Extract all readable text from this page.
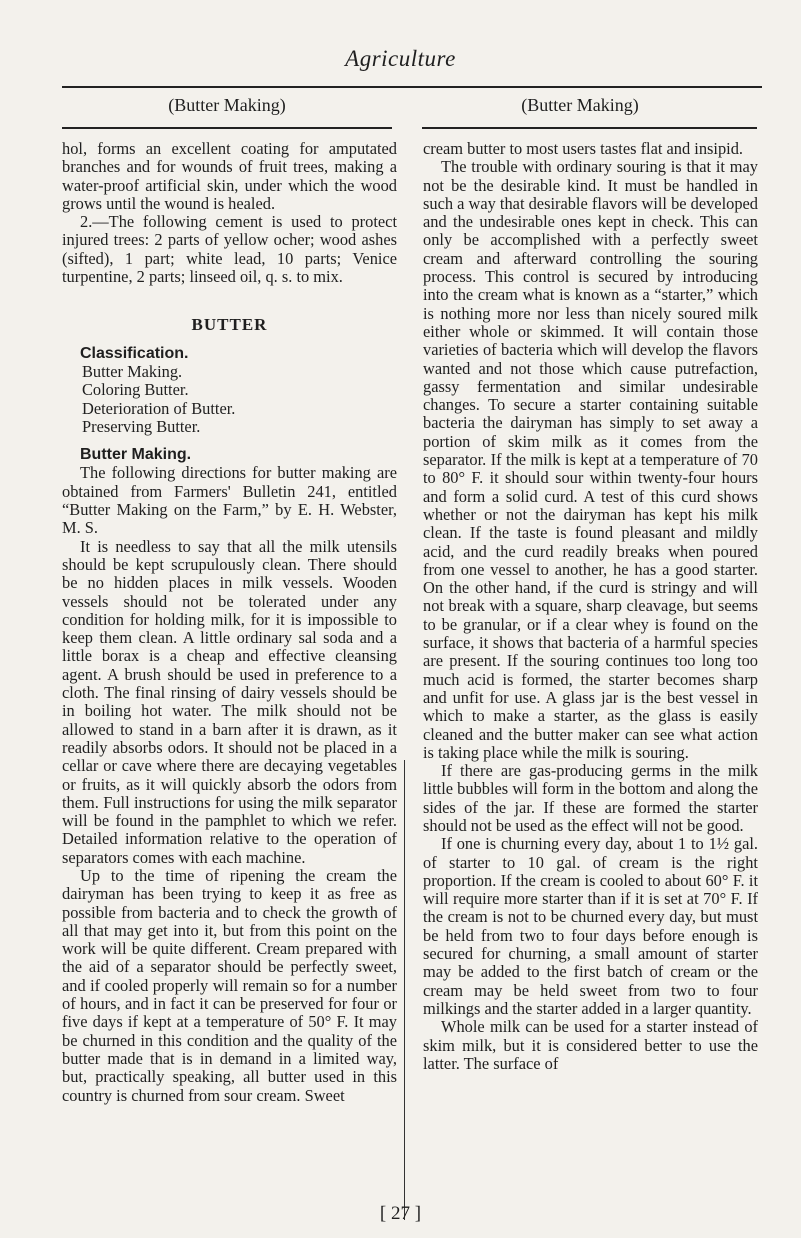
Agriculture
(Butter Making)	(Butter Making)

hol, forms an excellent coating for amputated branches and for wounds of fruit trees, making a water-proof artificial skin, under which the wood grows until the wound is healed.

2.—The following cement is used to protect injured trees: 2 parts of yellow ocher; wood ashes (sifted), 1 part; white lead, 10 parts; Venice turpentine, 2 parts; linseed oil, q. s. to mix.

BUTTER

Classification.

Butter Making.
Coloring Butter.
Deterioration of Butter.
Preserving Butter.

Butter Making.

The following directions for butter making are obtained from Farmers' Bulletin 241, entitled “Butter Making on the Farm,” by E. H. Webster, M. S.

It is needless to say that all the milk utensils should be kept scrupulously clean. There should be no hidden places in milk vessels. Wooden vessels should not be tolerated under any condition for holding milk, for it is impossible to keep them clean. A little ordinary sal soda and a little borax is a cheap and effective cleansing agent. A brush should be used in preference to a cloth. The final rinsing of dairy vessels should be in boiling hot water. The milk should not be allowed to stand in a barn after it is drawn, as it readily absorbs odors. It should not be placed in a cellar or cave where there are decaying vegetables or fruits, as it will quickly absorb the odors from them. Full instructions for using the milk separator will be found in the pamphlet to which we refer. Detailed information relative to the operation of separators comes with each machine.

Up to the time of ripening the cream the dairyman has been trying to keep it as free as possible from bacteria and to check the growth of all that may get into it, but from this point on the work will be quite different. Cream prepared with the aid of a separator should be perfectly sweet, and if cooled properly will remain so for a number of hours, and in fact it can be preserved for four or five days if kept at a temperature of 50° F. It may be churned in this condition and the quality of the butter made that is in demand in a limited way, but, practically speaking, all butter used in this country is churned from sour cream. Sweet

cream butter to most users tastes flat and insipid.

The trouble with ordinary souring is that it may not be the desirable kind. It must be handled in such a way that desirable flavors will be developed and the undesirable ones kept in check. This can only be accomplished with a perfectly sweet cream and afterward controlling the souring process. This control is secured by introducing into the cream what is known as a “starter,” which is nothing more nor less than nicely soured milk either whole or skimmed. It will contain those varieties of bacteria which will develop the flavors wanted and not those which cause putrefaction, gassy fermentation and similar undesirable changes. To secure a starter containing suitable bacteria the dairyman has simply to set away a portion of skim milk as it comes from the separator. If the milk is kept at a temperature of 70 to 80° F. it should sour within twenty-four hours and form a solid curd. A test of this curd shows whether or not the dairyman has kept his milk clean. If the taste is found pleasant and mildly acid, and the curd readily breaks when poured from one vessel to another, he has a good starter. On the other hand, if the curd is stringy and will not break with a square, sharp cleavage, but seems to be granular, or if a clear whey is found on the surface, it shows that bacteria of a harmful species are present. If the souring continues too long too much acid is formed, the starter becomes sharp and unfit for use. A glass jar is the best vessel in which to make a starter, as the glass is easily cleaned and the butter maker can see what action is taking place while the milk is souring.

If there are gas-producing germs in the milk little bubbles will form in the bottom and along the sides of the jar. If these are formed the starter should not be used as the effect will not be good.

If one is churning every day, about 1 to 1½ gal. of starter to 10 gal. of cream is the right proportion. If the cream is cooled to about 60° F. it will require more starter than if it is set at 70° F. If the cream is not to be churned every day, but must be held from two to four days before enough is secured for churning, a small amount of starter may be added to the first batch of cream or the cream may be held sweet from two to four milkings and the starter added in a larger quantity.

Whole milk can be used for a starter instead of skim milk, but it is considered better to use the latter. The surface of

[ 27 ]
